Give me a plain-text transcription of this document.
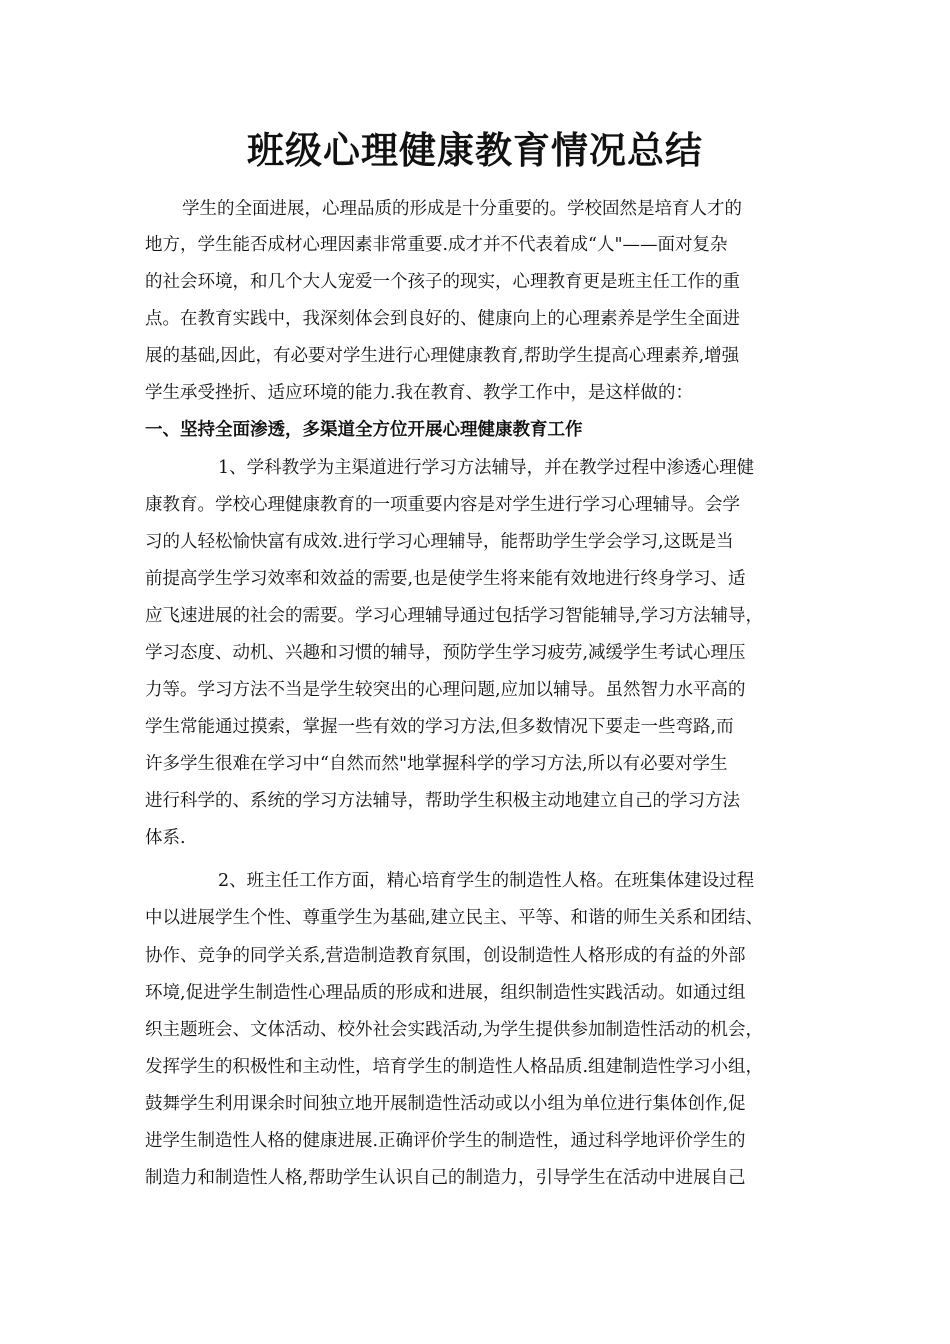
班级心理健康教育情况总结

学生的全面进展，心理品质的形成是十分重要的。学校固然是培育人才的

地方，学生能否成材心理因素非常重要.成才并不代表着成“人"——面对复杂

的社会环境，和几个大人宠爱一个孩子的现实，心理教育更是班主任工作的重

点。在教育实践中，我深刻体会到良好的、健康向上的心理素养是学生全面进

展的基础,因此，有必要对学生进行心理健康教育,帮助学生提高心理素养,增强

学生承受挫折、适应环境的能力.我在教育、教学工作中，是这样做的：

一、坚持全面渗透，多渠道全方位开展心理健康教育工作

1、学科教学为主渠道进行学习方法辅导，并在教学过程中渗透心理健

康教育。学校心理健康教育的一项重要内容是对学生进行学习心理辅导。会学

习的人轻松愉快富有成效.进行学习心理辅导，能帮助学生学会学习,这既是当

前提高学生学习效率和效益的需要,也是使学生将来能有效地进行终身学习、适

应飞速进展的社会的需要。学习心理辅导通过包括学习智能辅导,学习方法辅导，

学习态度、动机、兴趣和习惯的辅导，预防学生学习疲劳,减缓学生考试心理压

力等。学习方法不当是学生较突出的心理问题,应加以辅导。虽然智力水平高的

学生常能通过摸索，掌握一些有效的学习方法,但多数情况下要走一些弯路,而

许多学生很难在学习中“自然而然"地掌握科学的学习方法,所以有必要对学生

进行科学的、系统的学习方法辅导，帮助学生积极主动地建立自己的学习方法

体系.

2、班主任工作方面，精心培育学生的制造性人格。在班集体建设过程

中以进展学生个性、尊重学生为基础,建立民主、平等、和谐的师生关系和团结、

协作、竞争的同学关系,营造制造教育氛围，创设制造性人格形成的有益的外部

环境,促进学生制造性心理品质的形成和进展，组织制造性实践活动。如通过组

织主题班会、文体活动、校外社会实践活动,为学生提供参加制造性活动的机会，

发挥学生的积极性和主动性，培育学生的制造性人格品质.组建制造性学习小组，

鼓舞学生利用课余时间独立地开展制造性活动或以小组为单位进行集体创作,促

进学生制造性人格的健康进展.正确评价学生的制造性，通过科学地评价学生的

制造力和制造性人格,帮助学生认识自己的制造力，引导学生在活动中进展自己
